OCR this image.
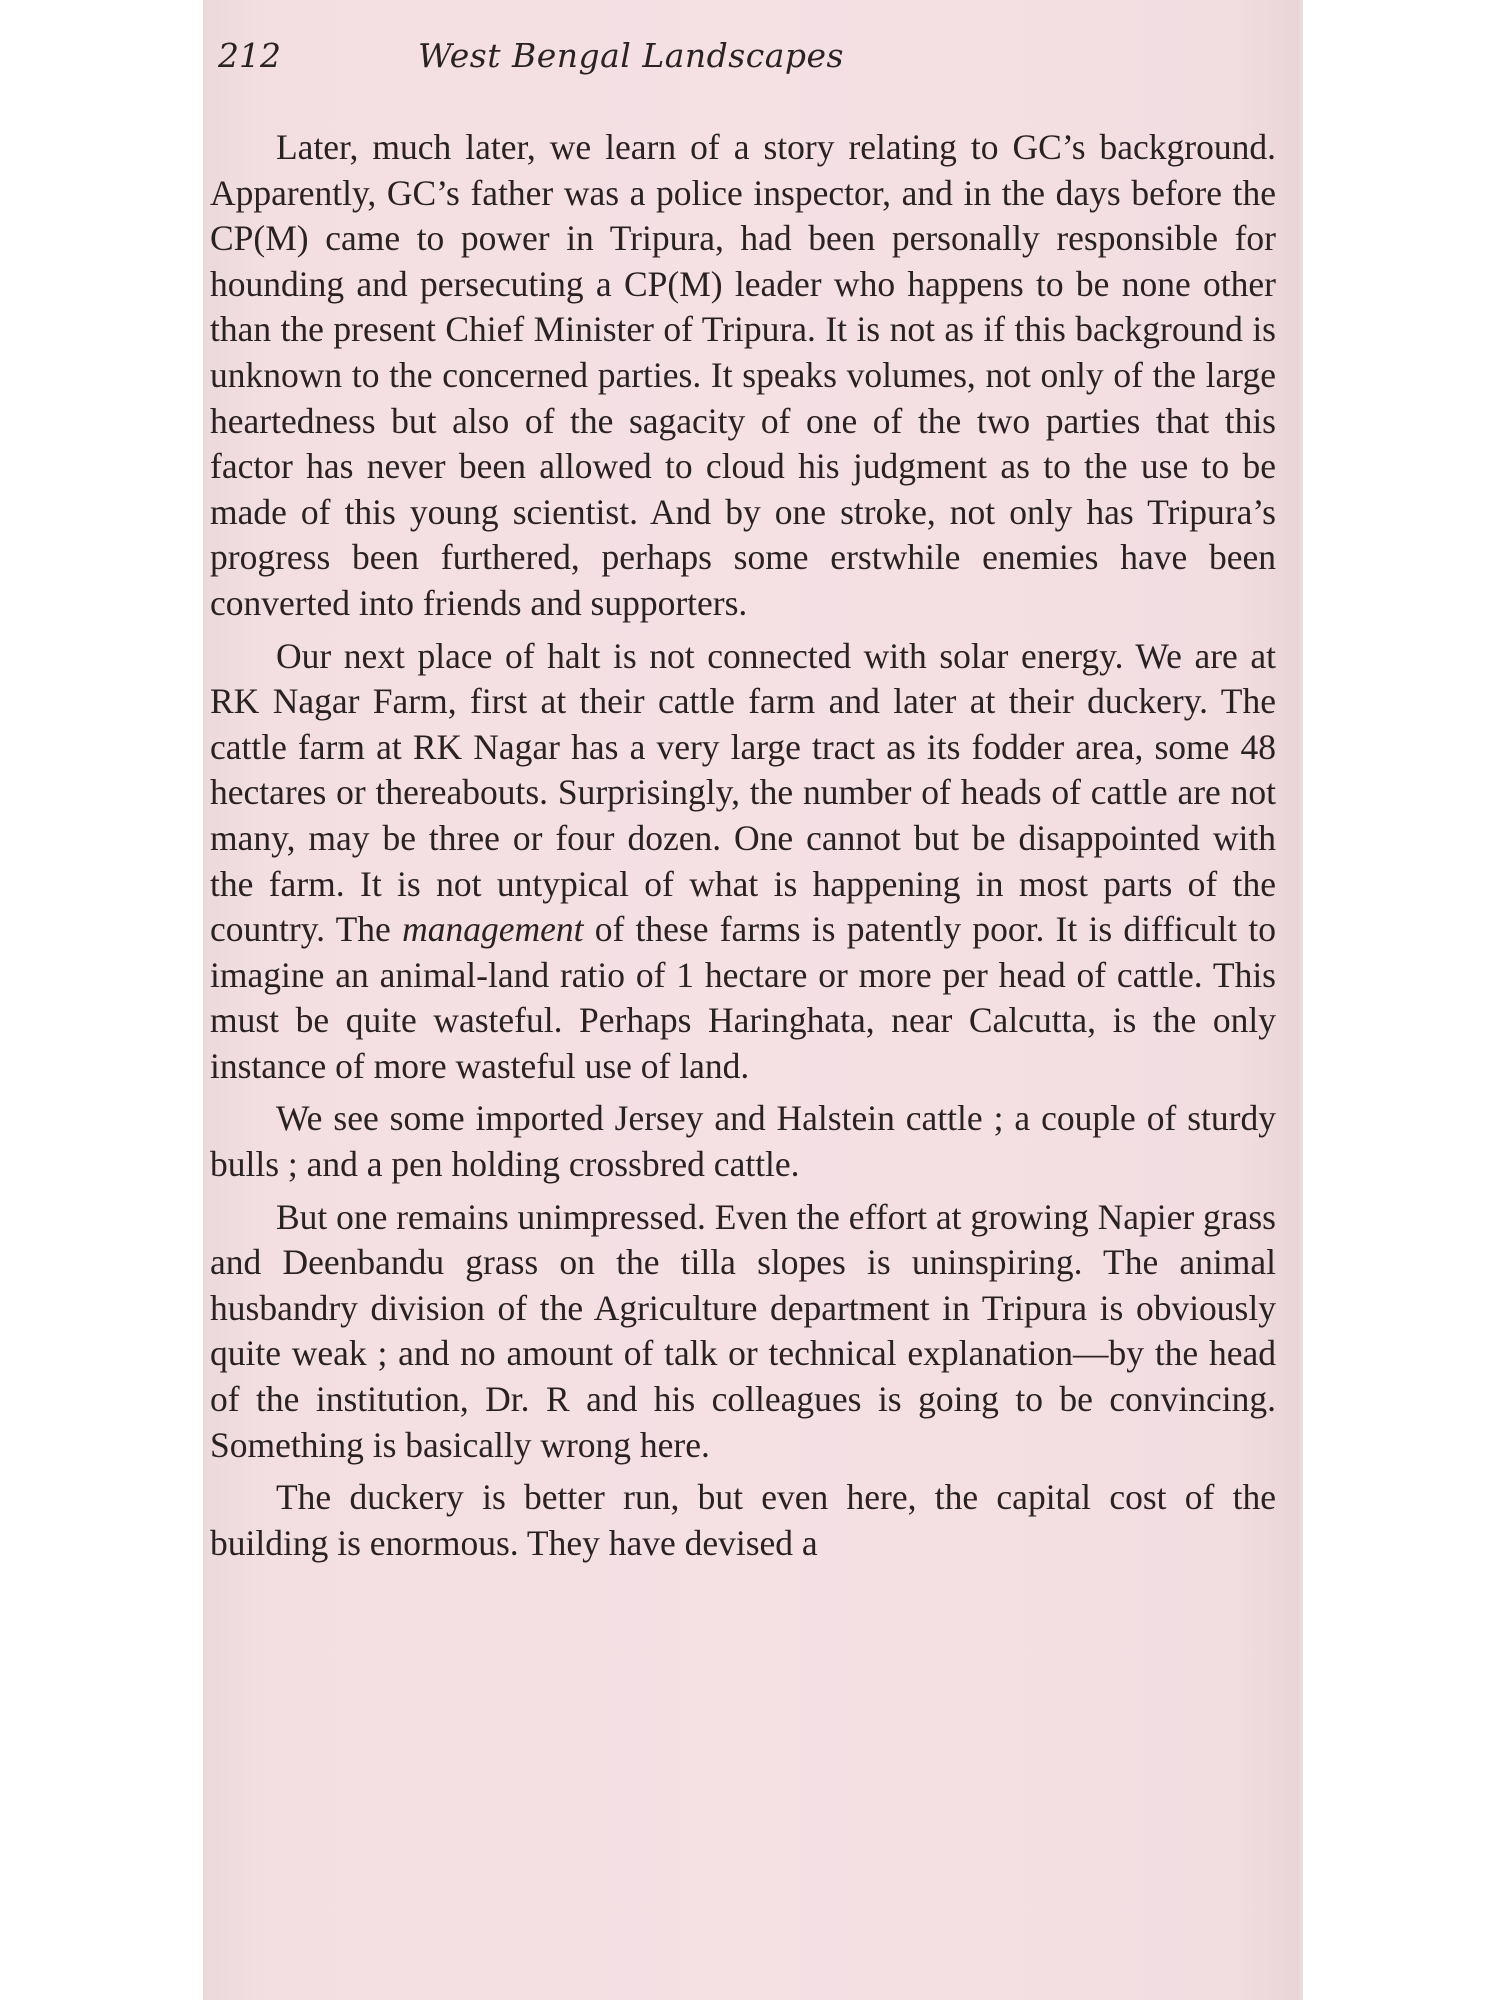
212	West Bengal Landscapes

Later, much later, we learn of a story relating to GC’s background. Apparently, GC’s father was a police inspector, and in the days before the CP(M) came to power in Tripura, had been personally responsible for hounding and persecuting a CP(M) leader who happens to be none other than the present Chief Minister of Tripura. It is not as if this background is unknown to the concerned parties. It speaks volumes, not only of the large heartedness but also of the sagacity of one of the two parties that this factor has never been allowed to cloud his judgment as to the use to be made of this young scientist. And by one stroke, not only has Tripura’s progress been furthered, perhaps some erstwhile enemies have been converted into friends and supporters.

Our next place of halt is not connected with solar energy. We are at RK Nagar Farm, first at their cattle farm and later at their duckery. The cattle farm at RK Nagar has a very large tract as its fodder area, some 48 hectares or thereabouts. Surprisingly, the number of heads of cattle are not many, may be three or four dozen. One cannot but be disappointed with the farm. It is not untypical of what is happening in most parts of the country. The management of these farms is patently poor. It is difficult to imagine an animal-land ratio of 1 hectare or more per head of cattle. This must be quite wasteful. Perhaps Haringhata, near Calcutta, is the only instance of more wasteful use of land.

We see some imported Jersey and Halstein cattle ; a couple of sturdy bulls ; and a pen holding crossbred cattle.

But one remains unimpressed. Even the effort at growing Napier grass and Deenbandu grass on the tilla slopes is uninspiring. The animal husbandry division of the Agriculture department in Tripura is obviously quite weak ; and no amount of talk or technical explanation—by the head of the institution, Dr. R and his colleagues is going to be convincing. Something is basically wrong here.

The duckery is better run, but even here, the capital cost of the building is enormous. They have devised a
